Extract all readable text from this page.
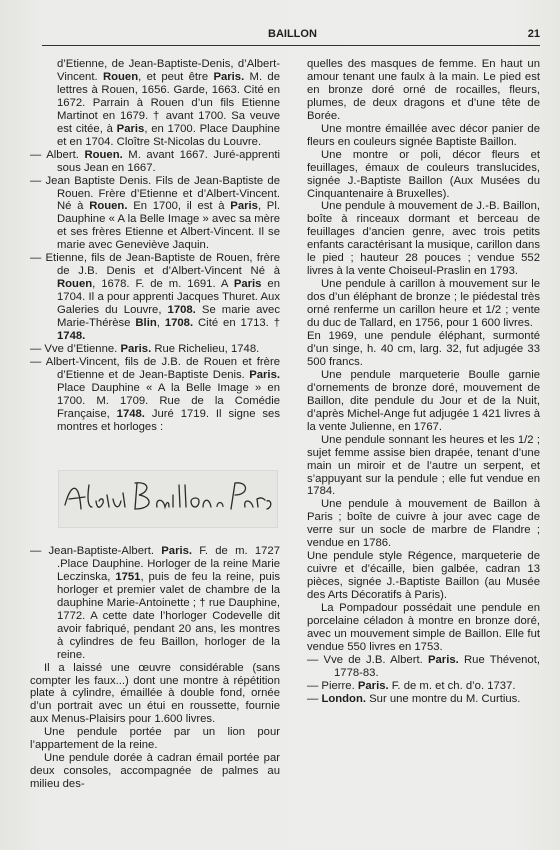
BAILLON	21
d’Etienne, de Jean-Baptiste-Denis, d’Albert-Vincent. Rouen, et peut être Paris. M. de lettres à Rouen, 1656. Garde, 1663. Cité en 1672. Parrain à Rouen d’un fils Etienne Martinot en 1679. † avant 1700. Sa veuve est citée, à Paris, en 1700. Place Dauphine et en 1704. Cloître St-Nicolas du Louvre.
— Albert. Rouen. M. avant 1667. Juré-apprenti sous Jean en 1667.
— Jean Baptiste Denis. Fils de Jean-Baptiste de Rouen. Frère d’Etienne et d’Albert-Vincent. Né à Rouen. En 1700, il est à Paris, Pl. Dauphine « A la Belle Image » avec sa mère et ses frères Etienne et Albert-Vincent. Il se marie avec Geneviève Jaquin.
— Etienne, fils de Jean-Baptiste de Rouen, frère de J.B. Denis et d’Albert-Vincent Né à Rouen, 1678. F. de m. 1691. A Paris en 1704. Il a pour apprenti Jacques Thuret. Aux Galeries du Louvre, 1708. Se marie avec Marie-Thérèse Blin, 1708. Cité en 1713. † 1748.
— Vve d’Etienne. Paris. Rue Richelieu, 1748.
— Albert-Vincent, fils de J.B. de Rouen et frère d’Etienne et de Jean-Baptiste Denis. Paris. Place Dauphine « A la Belle Image » en 1700. M. 1709. Rue de la Comédie Française, 1748. Juré 1719. Il signe ses montres et horloges :
— Jean-Baptiste-Albert. Paris. F. de m. 1727 .Place Dauphine. Horloger de la reine Marie Leczinska, 1751, puis de feu la reine, puis horloger et premier valet de chambre de la dauphine Marie-Antoinette ; † rue Dauphine, 1772. A cette date l’horloger Codevelle dit avoir fabriqué, pendant 20 ans, les montres à cylindres de feu Baillon, horloger de la reine.
Il a laissé une œuvre considérable (sans compter les faux...) dont une montre à répétition plate à cylindre, émaillée à double fond, ornée d’un portrait avec un étui en roussette, fournie aux Menus-Plaisirs pour 1.600 livres.
Une pendule portée par un lion pour l’appartement de la reine.
Une pendule dorée à cadran émail portée par deux consoles, accompagnée de palmes au milieu des-
quelles des masques de femme. En haut un amour tenant une faulx à la main. Le pied est en bronze doré orné de rocailles, fleurs, plumes, de deux dragons et d’une tête de Borée.
Une montre émaillée avec décor panier de fleurs en couleurs signée Baptiste Baillon.
Une montre or poli, décor fleurs et feuillages, émaux de couleurs translucides, signée J.-Baptiste Baillon (Aux Musées du Cinquantenaire à Bruxelles).
Une pendule à mouvement de J.-B. Baillon, boîte à rinceaux dormant et berceau de feuillages d’ancien genre, avec trois petits enfants caractérisant la musique, carillon dans le pied ; hauteur 28 pouces ; vendue 552 livres à la vente Choiseul-Praslin en 1793.
Une pendule à carillon à mouvement sur le dos d’un éléphant de bronze ; le piédestal très orné renferme un carillon heure et 1/2 ; vente du duc de Tallard, en 1756, pour 1 600 livres.
En 1969, une pendule éléphant, surmonté d’un singe, h. 40 cm, larg. 32, fut adjugée 33 500 francs.
Une pendule marqueterie Boulle garnie d’ornements de bronze doré, mouvement de Baillon, dite pendule du Jour et de la Nuit, d’après Michel-Ange fut adjugée 1 421 livres à la vente Julienne, en 1767.
Une pendule sonnant les heures et les 1/2 ; sujet femme assise bien drapée, tenant d’une main un miroir et de l’autre un serpent, et s’appuyant sur la pendule ; elle fut vendue en 1784.
Une pendule à mouvement de Baillon à Paris ; boîte de cuivre à jour avec cage de verre sur un socle de marbre de Flandre ; vendue en 1786.
Une pendule style Régence, marqueterie de cuivre et d’écaille, bien galbée, cadran 13 pièces, signée J.-Baptiste Baillon (au Musée des Arts Décoratifs à Paris).
La Pompadour possédait une pendule en porcelaine céladon à montre en bronze doré, avec un mouvement simple de Baillon. Elle fut vendue 550 livres en 1753.
— Vve de J.B. Albert. Paris. Rue Thévenot, 1778-83.
— Pierre. Paris. F. de m. et ch. d’o. 1737.
— London. Sur une montre du M. Curtius.
